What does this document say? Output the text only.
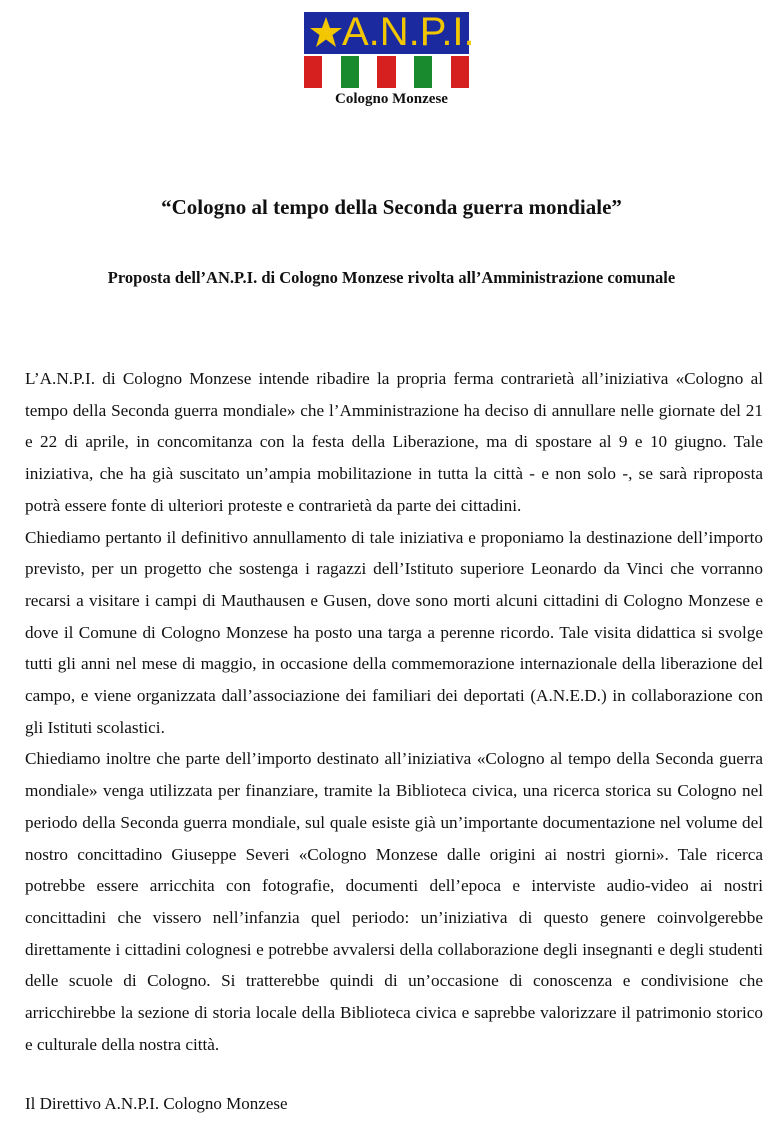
A.N.P.I.
Cologno Monzese
“Cologno al tempo della Seconda guerra mondiale”
Proposta dell’AN.P.I. di Cologno Monzese rivolta all’Amministrazione comunale

L’A.N.P.I. di Cologno Monzese intende ribadire la propria ferma contrarietà all’iniziativa «Cologno al tempo della Seconda guerra mondiale» che l’Amministrazione ha deciso di annullare nelle giornate del 21 e 22 di aprile, in concomitanza con la festa della Liberazione, ma di spostare al 9 e 10 giugno. Tale iniziativa, che ha già suscitato un’ampia mobilitazione in tutta la città - e non solo -, se sarà riproposta potrà essere fonte di ulteriori proteste e contrarietà da parte dei cittadini.

Chiediamo pertanto il definitivo annullamento di tale iniziativa e proponiamo la destinazione dell’importo previsto, per un progetto che sostenga i ragazzi dell’Istituto superiore Leonardo da Vinci che vorranno recarsi a visitare i campi di Mauthausen e Gusen, dove sono morti alcuni cittadini di Cologno Monzese e dove il Comune di Cologno Monzese ha posto una targa a perenne ricordo. Tale visita didattica si svolge tutti gli anni nel mese di maggio, in occasione della commemorazione internazionale della liberazione del campo, e viene organizzata dall’associazione dei familiari dei deportati (A.N.E.D.) in collaborazione con gli Istituti scolastici.

Chiediamo inoltre che parte dell’importo destinato all’iniziativa «Cologno al tempo della Seconda guerra mondiale» venga utilizzata per finanziare, tramite la Biblioteca civica, una ricerca storica su Cologno nel periodo della Seconda guerra mondiale, sul quale esiste già un’importante documentazione nel volume del nostro concittadino Giuseppe Severi «Cologno Monzese dalle origini ai nostri giorni». Tale ricerca potrebbe essere arricchita con fotografie, documenti dell’epoca e interviste audio-video ai nostri concittadini che vissero nell’infanzia quel periodo: un’iniziativa di questo genere coinvolgerebbe direttamente i cittadini colognesi e potrebbe avvalersi della collaborazione degli insegnanti e degli studenti delle scuole di Cologno. Si tratterebbe quindi di un’occasione di conoscenza e condivisione che arricchirebbe la sezione di storia locale della Biblioteca civica e saprebbe valorizzare il patrimonio storico e culturale della nostra città.

Il Direttivo A.N.P.I. Cologno Monzese
